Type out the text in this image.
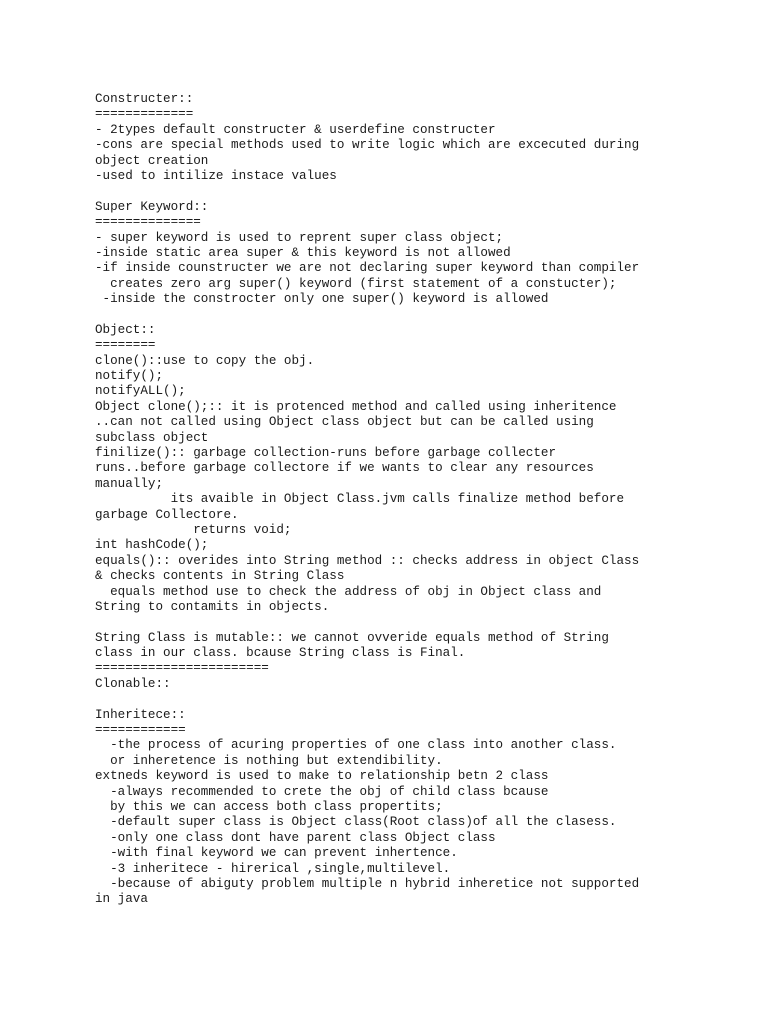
Constructer::
=============
- 2types default constructer & userdefine constructer
-cons are special methods used to write logic which are excecuted during
object creation
-used to intilize instace values
Super Keyword::
==============
- super keyword is used to reprent super class object;
-inside static area super & this keyword is not allowed
-if inside counstructer we are not declaring super keyword than compiler
creates zero arg super() keyword (first statement of a constucter);
-inside the constrocter only one super() keyword is allowed
Object::
========
clone()::use to copy the obj.
notify();
notifyALL();
Object clone();:: it is protenced method and called using inheritence
..can not called using Object class object but can be called using
subclass object
finilize():: garbage collection-runs before garbage collecter
runs..before garbage collectore if we wants to clear any resources
manually;
its avaible in Object Class.jvm calls finalize method before
garbage Collectore.
returns void;
int hashCode();
equals():: overides into String method :: checks address in object Class
& checks contents in String Class
equals method use to check the address of obj in Object class and
String to contamits in objects.
String Class is mutable:: we cannot ovveride equals method of String
class in our class. bcause String class is Final.
=======================
Clonable::
Inheritece::
============
-the process of acuring properties of one class into another class.
or inheretence is nothing but extendibility.
extneds keyword is used to make to relationship betn 2 class
-always recommended to crete the obj of child class bcause
by this we can access both class propertits;
-default super class is Object class(Root class)of all the clasess.
-only one class dont have parent class Object class
-with final keyword we can prevent inhertence.
-3 inheritece - hirerical ,single,multilevel.
-because of abiguty problem multiple n hybrid inheretice not supported
in java
